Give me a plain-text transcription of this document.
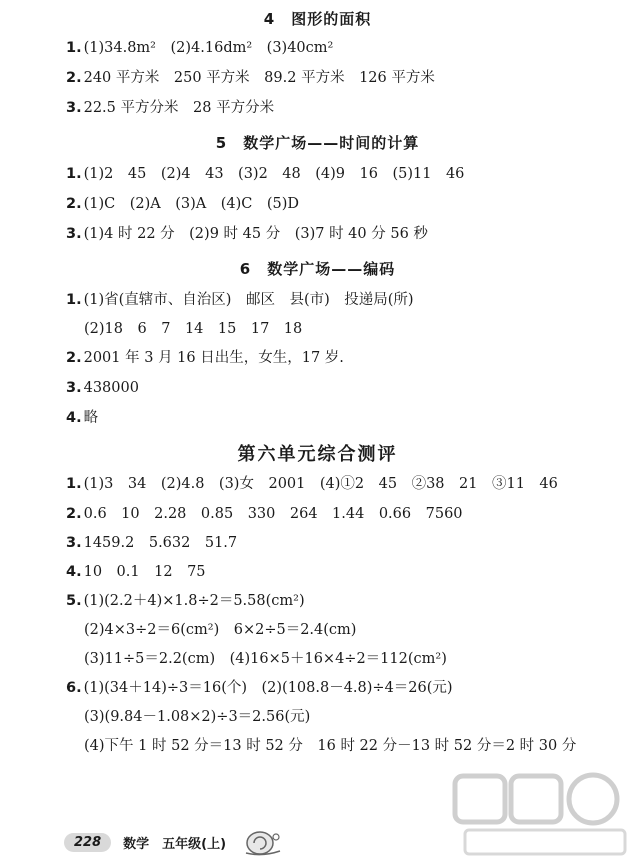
4　图形的面积
1. (1)34.8m²　(2)4.16dm²　(3)40cm²
2. 240 平方米　250 平方米　89.2 平方米　126 平方米
3. 22.5 平方分米　28 平方分米
5　数学广场——时间的计算
1. (1)2　45　(2)4　43　(3)2　48　(4)9　16　(5)11　46
2. (1)C　(2)A　(3)A　(4)C　(5)D
3. (1)4 时 22 分　(2)9 时 45 分　(3)7 时 40 分 56 秒
6　数学广场——编码
1. (1)省(直辖市、自治区)　邮区　县(市)　投递局(所)
(2)18　6　7　14　15　17　18
2. 2001 年 3 月 16 日出生，女生，17 岁.
3. 438000
4. 略
第六单元综合测评
1. (1)3　34　(2)4.8　(3)女　2001　(4)①2　45　②38　21　③11　46
2. 0.6　10　2.28　0.85　330　264　1.44　0.66　7560
3. 1459.2　5.632　51.7
4. 10　0.1　12　75
5. (1)(2.2＋4)×1.8÷2＝5.58(cm²)
(2)4×3÷2＝6(cm²)　6×2÷5＝2.4(cm)
(3)11÷5＝2.2(cm)　(4)16×5＋16×4÷2＝112(cm²)
6. (1)(34＋14)÷3＝16(个)　(2)(108.8－4.8)÷4＝26(元)
(3)(9.84－1.08×2)÷3＝2.56(元)
(4)下午 1 时 52 分＝13 时 52 分　16 时 22 分－13 时 52 分＝2 时 30 分
228	数学　五年级(上)
